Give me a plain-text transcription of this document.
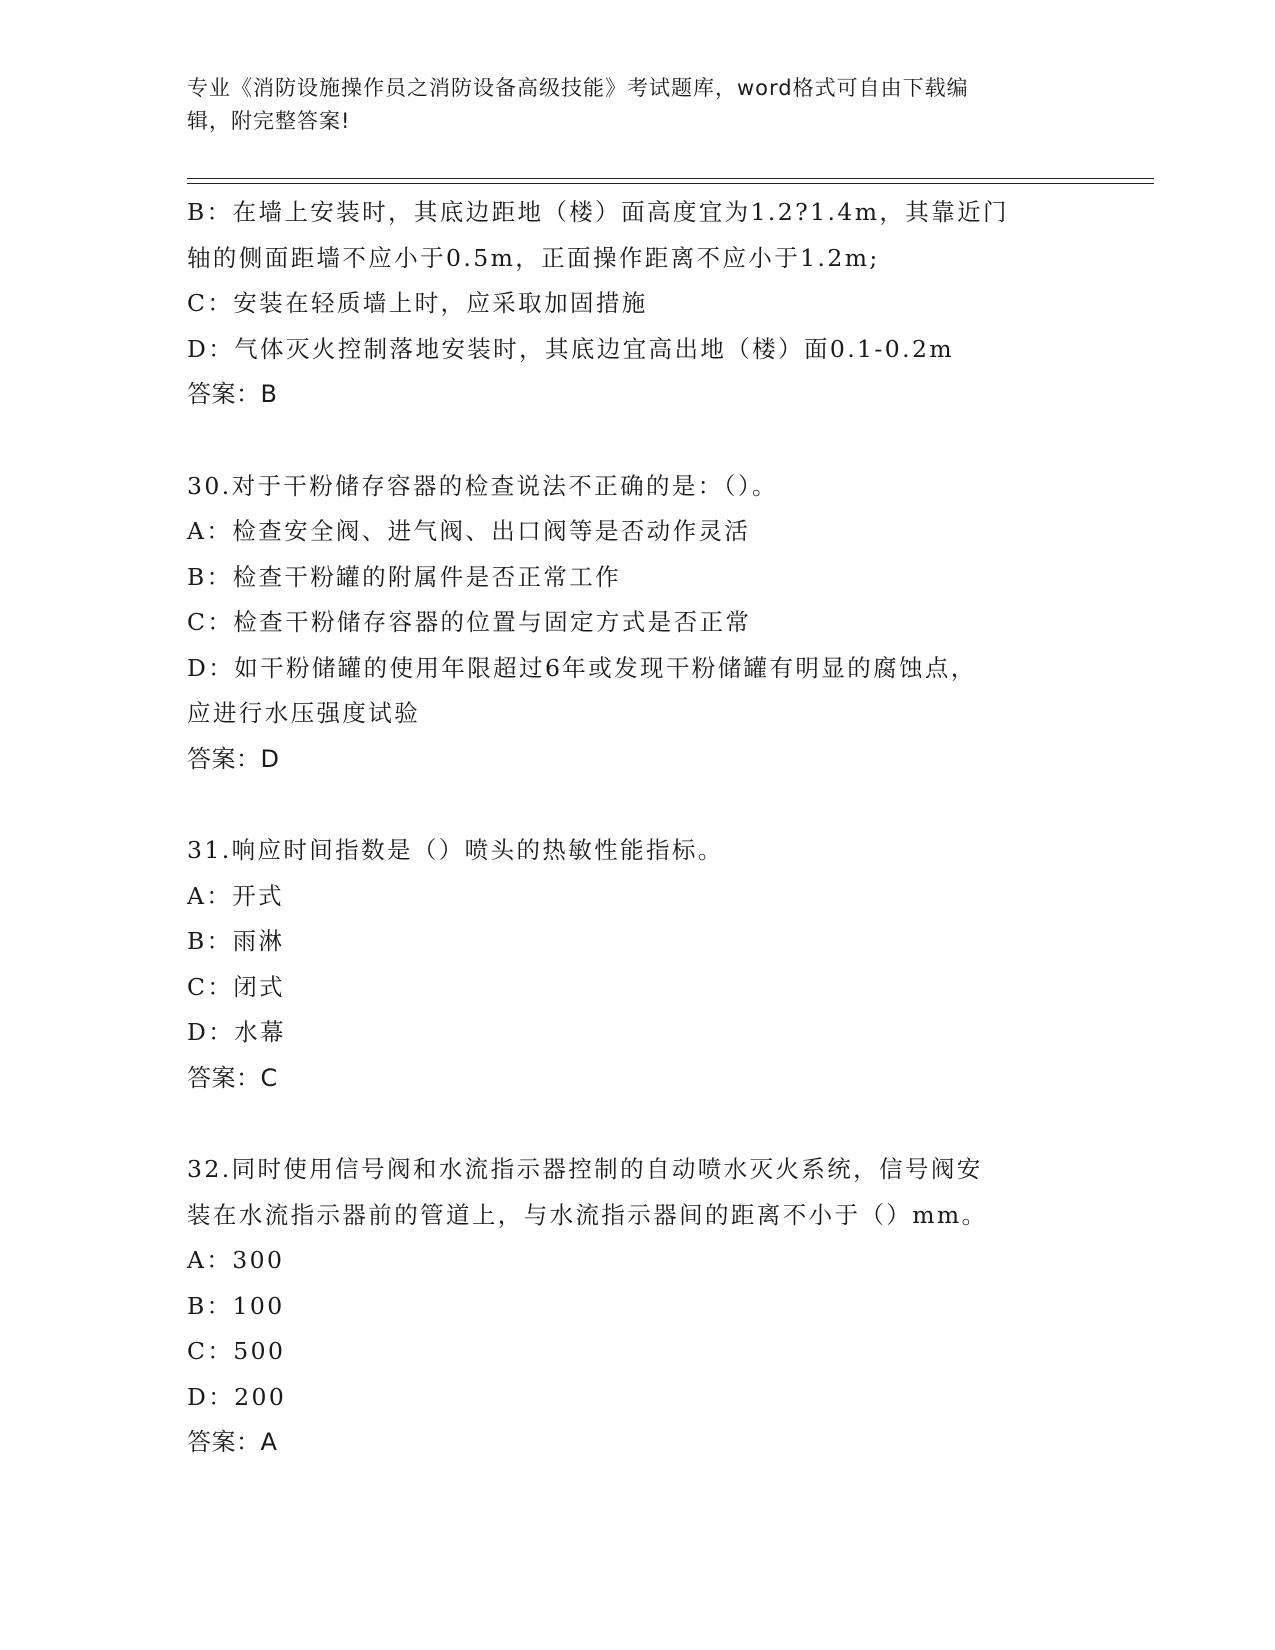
专业《消防设施操作员之消防设备高级技能》考试题库，word格式可自由下载编
辑，附完整答案!
B：在墙上安装时，其底边距地（楼）面高度宜为1.2?1.4m，其靠近门
轴的侧面距墙不应小于0.5m，正面操作距离不应小于1.2m;
C：安装在轻质墙上时，应采取加固措施
D：气体灭火控制落地安装时，其底边宜高出地（楼）面0.1-0.2m
答案：B
30.对于干粉储存容器的检查说法不正确的是：（）。
A：检查安全阀、进气阀、出口阀等是否动作灵活
B：检查干粉罐的附属件是否正常工作
C：检查干粉储存容器的位置与固定方式是否正常
D：如干粉储罐的使用年限超过6年或发现干粉储罐有明显的腐蚀点，
应进行水压强度试验
答案：D
31.响应时间指数是（）喷头的热敏性能指标。
A：开式
B：雨淋
C：闭式
D：水幕
答案：C
32.同时使用信号阀和水流指示器控制的自动喷水灭火系统，信号阀安
装在水流指示器前的管道上，与水流指示器间的距离不小于（）mm。
A：300
B：100
C：500
D：200
答案：A
